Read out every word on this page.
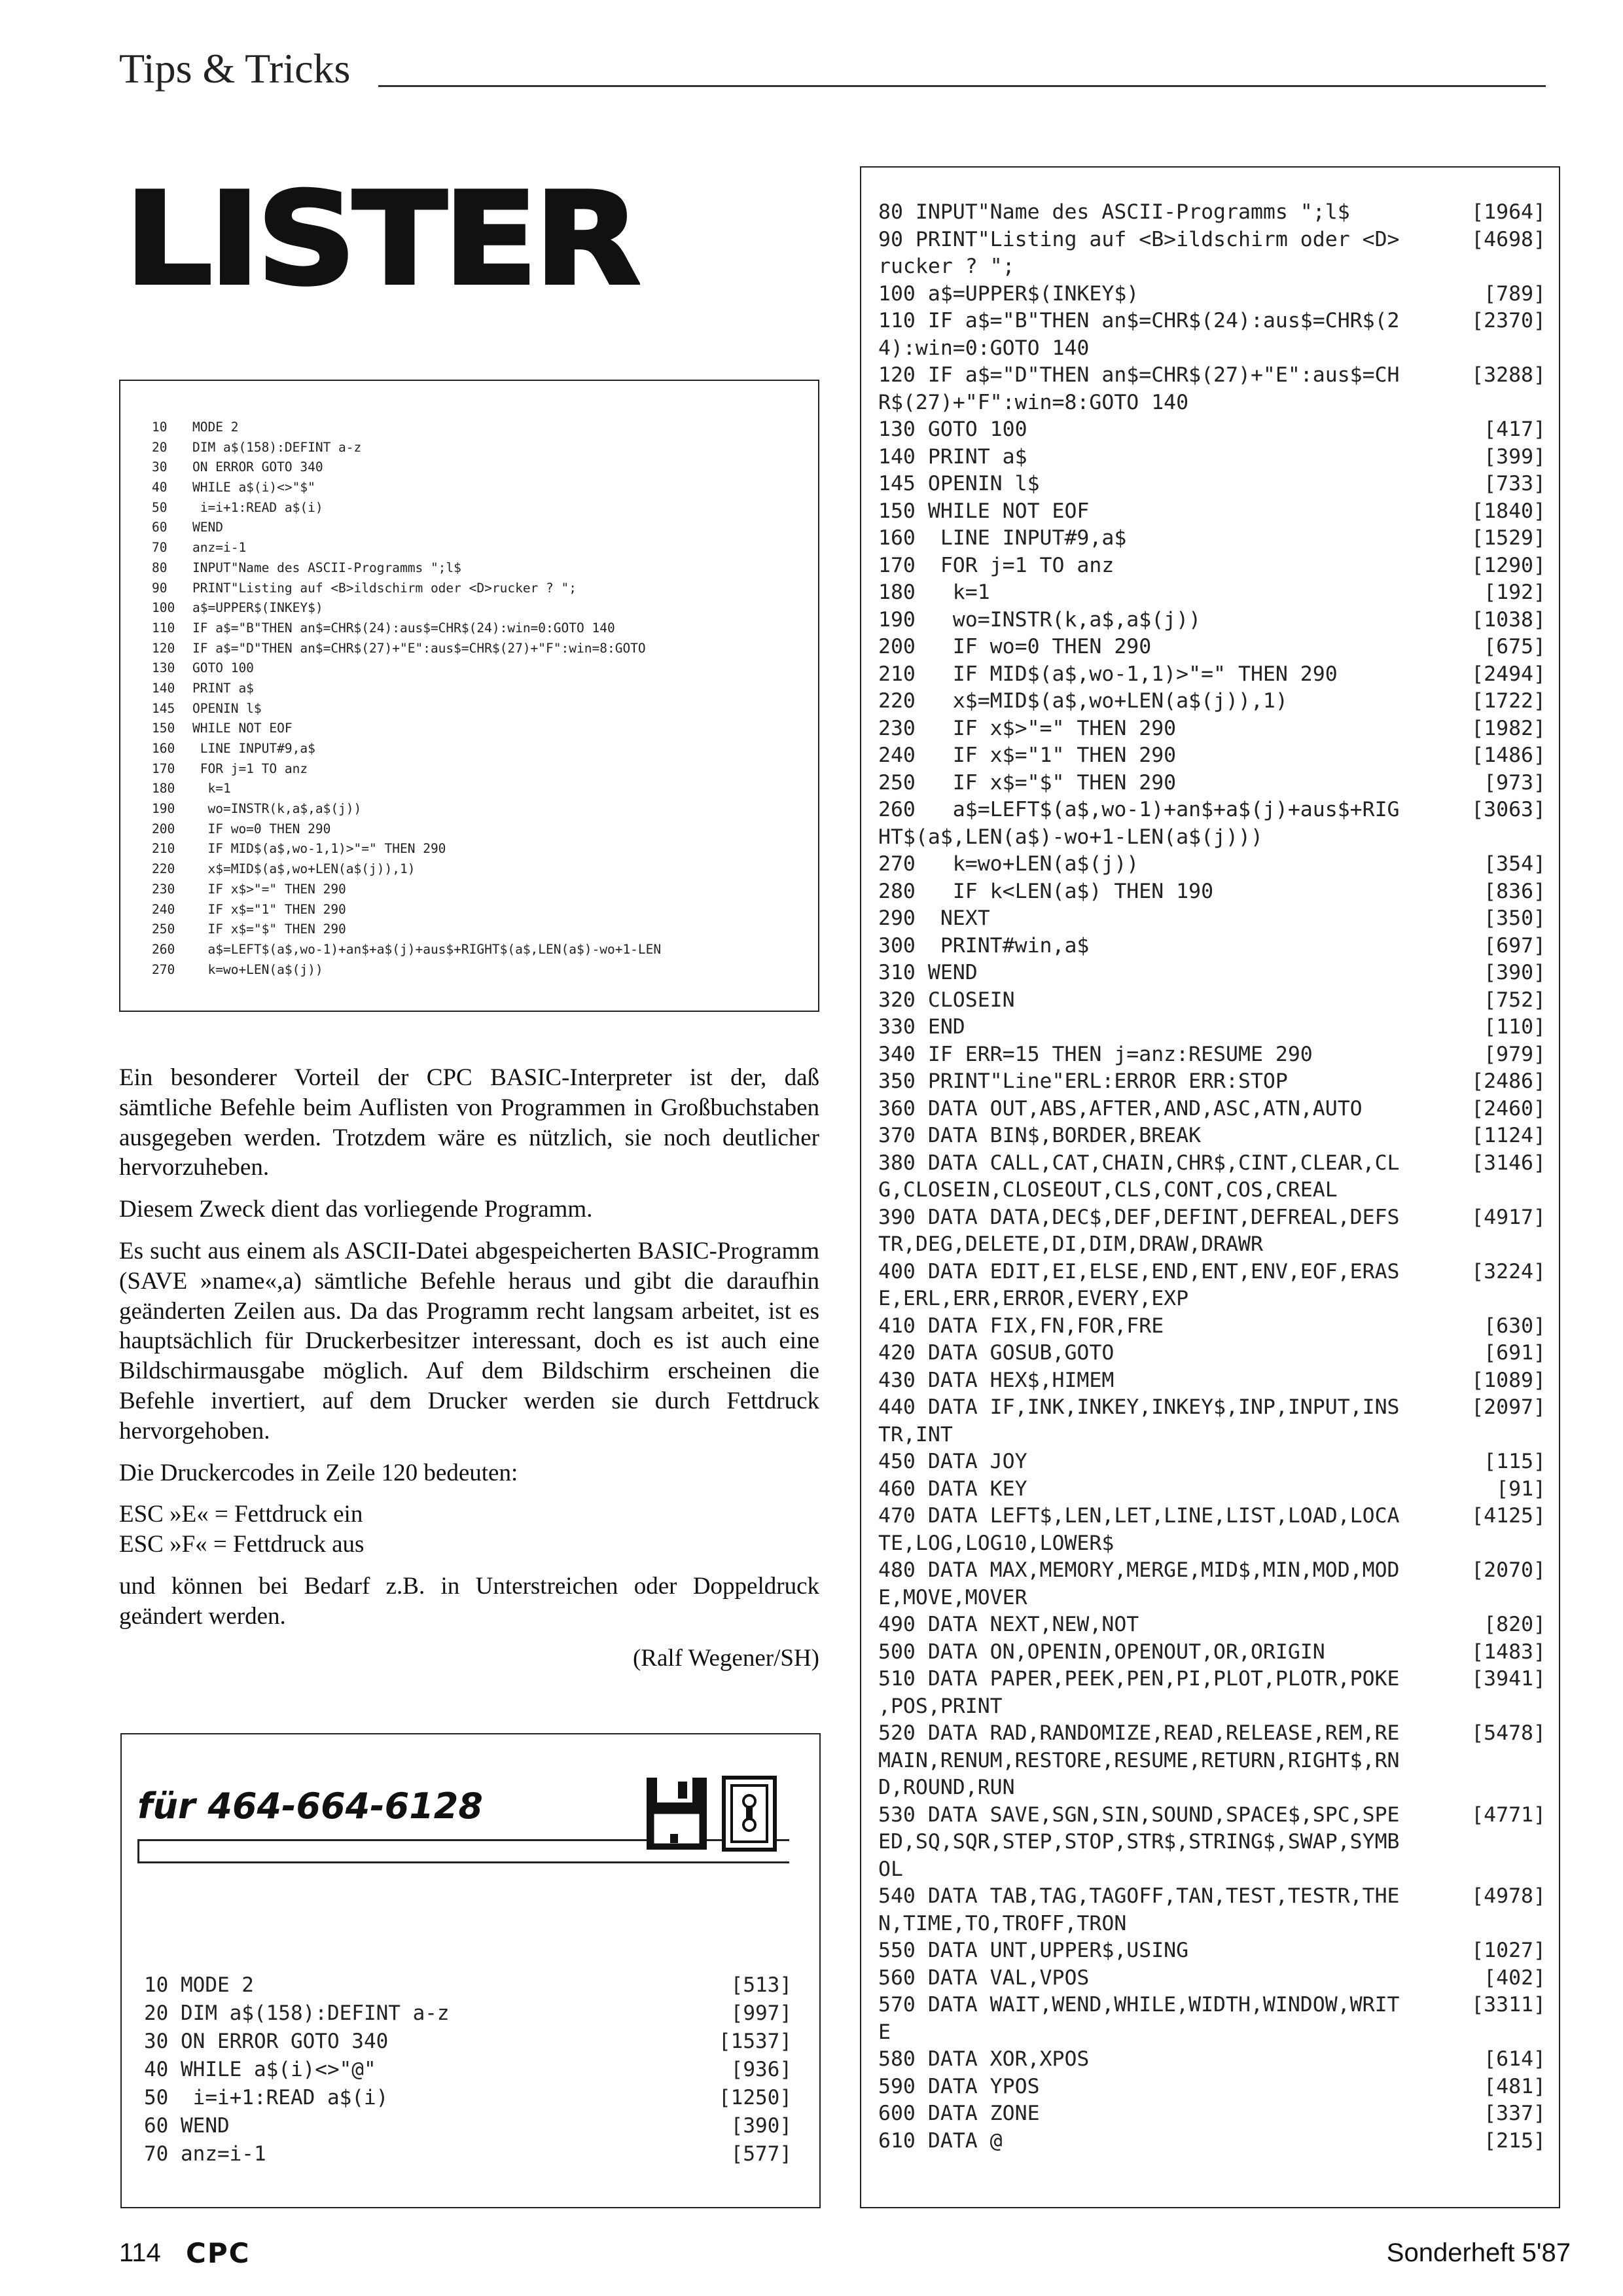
Tips & Tricks
LISTER
10 MODE 2
20 DIM a$(158):DEFINT a-z
30 ON ERROR GOTO 340
40 WHILE a$(i)<>"$"
50 i=i+1:READ a$(i)
60 WEND
70 anz=i-1
80 INPUT"Name des ASCII-Programms ";l$
90 PRINT"Listing auf <B>ildschirm oder <D>rucker ? ";
100 a$=UPPER$(INKEY$)
110 IF a$="B"THEN an$=CHR$(24):aus$=CHR$(24):win=0:GOTO 140
120 IF a$="D"THEN an$=CHR$(27)+"E":aus$=CHR$(27)+"F":win=8:GOTO
130 GOTO 100
140 PRINT a$
145 OPENIN l$
150 WHILE NOT EOF
160 LINE INPUT#9,a$
170 FOR j=1 TO anz
180  k=1
190  wo=INSTR(k,a$,a$(j))
200  IF wo=0 THEN 290
210  IF MID$(a$,wo-1,1)>"=" THEN 290
220  x$=MID$(a$,wo+LEN(a$(j)),1)
230  IF x$>"=" THEN 290
240  IF x$="1" THEN 290
250  IF x$="$" THEN 290
260  a$=LEFT$(a$,wo-1)+an$+a$(j)+aus$+RIGHT$(a$,LEN(a$)-wo+1-LEN
270  k=wo+LEN(a$(j))

Ein besonderer Vorteil der CPC BASIC-Interpreter ist der, daß sämtliche Befehle beim Auflisten von Programmen in Großbuchstaben ausgegeben werden. Trotzdem wäre es nützlich, sie noch deutlicher hervorzuheben.

Diesem Zweck dient das vorliegende Programm.

Es sucht aus einem als ASCII-Datei abgespeicherten BASIC-Programm (SAVE »name«,a) sämtliche Befehle heraus und gibt die daraufhin geänderten Zeilen aus. Da das Programm recht langsam arbeitet, ist es hauptsächlich für Druckerbesitzer interessant, doch es ist auch eine Bildschirmausgabe möglich. Auf dem Bildschirm erscheinen die Befehle invertiert, auf dem Drucker werden sie durch Fettdruck hervorgehoben.

Die Druckercodes in Zeile 120 bedeuten:

ESC »E« = Fettdruck ein
ESC »F« = Fettdruck aus

und können bei Bedarf z.B. in Unterstreichen oder Doppeldruck geändert werden.

(Ralf Wegener/SH)
für 464-664-6128
10 MODE 2	[513]
20 DIM a$(158):DEFINT a-z	[997]
30 ON ERROR GOTO 340	[1537]
40 WHILE a$(i)<>"@"	[936]
50  i=i+1:READ a$(i)	[1250]
60 WEND	[390]
70 anz=i-1	[577]
80 INPUT"Name des ASCII-Programms ";l$	[1964]
90 PRINT"Listing auf <B>ildschirm oder <D>	[4698]
rucker ? ";
100 a$=UPPER$(INKEY$)	[789]
110 IF a$="B"THEN an$=CHR$(24):aus$=CHR$(2	[2370]
4):win=0:GOTO 140
120 IF a$="D"THEN an$=CHR$(27)+"E":aus$=CH	[3288]
R$(27)+"F":win=8:GOTO 140
130 GOTO 100	[417]
140 PRINT a$	[399]
145 OPENIN l$	[733]
150 WHILE NOT EOF	[1840]
160  LINE INPUT#9,a$	[1529]
170  FOR j=1 TO anz	[1290]
180   k=1	[192]
190   wo=INSTR(k,a$,a$(j))	[1038]
200   IF wo=0 THEN 290	[675]
210   IF MID$(a$,wo-1,1)>"=" THEN 290	[2494]
220   x$=MID$(a$,wo+LEN(a$(j)),1)	[1722]
230   IF x$>"=" THEN 290	[1982]
240   IF x$="1" THEN 290	[1486]
250   IF x$="$" THEN 290	[973]
260   a$=LEFT$(a$,wo-1)+an$+a$(j)+aus$+RIG	[3063]
HT$(a$,LEN(a$)-wo+1-LEN(a$(j)))
270   k=wo+LEN(a$(j))	[354]
280   IF k<LEN(a$) THEN 190	[836]
290  NEXT	[350]
300  PRINT#win,a$	[697]
310 WEND	[390]
320 CLOSEIN	[752]
330 END	[110]
340 IF ERR=15 THEN j=anz:RESUME 290	[979]
350 PRINT"Line"ERL:ERROR ERR:STOP	[2486]
360 DATA OUT,ABS,AFTER,AND,ASC,ATN,AUTO	[2460]
370 DATA BIN$,BORDER,BREAK	[1124]
380 DATA CALL,CAT,CHAIN,CHR$,CINT,CLEAR,CL	[3146]
G,CLOSEIN,CLOSEOUT,CLS,CONT,COS,CREAL
390 DATA DATA,DEC$,DEF,DEFINT,DEFREAL,DEFS	[4917]
TR,DEG,DELETE,DI,DIM,DRAW,DRAWR
400 DATA EDIT,EI,ELSE,END,ENT,ENV,EOF,ERAS	[3224]
E,ERL,ERR,ERROR,EVERY,EXP
410 DATA FIX,FN,FOR,FRE	[630]
420 DATA GOSUB,GOTO	[691]
430 DATA HEX$,HIMEM	[1089]
440 DATA IF,INK,INKEY,INKEY$,INP,INPUT,INS	[2097]
TR,INT
450 DATA JOY	[115]
460 DATA KEY	[91]
470 DATA LEFT$,LEN,LET,LINE,LIST,LOAD,LOCA	[4125]
TE,LOG,LOG10,LOWER$
480 DATA MAX,MEMORY,MERGE,MID$,MIN,MOD,MOD	[2070]
E,MOVE,MOVER
490 DATA NEXT,NEW,NOT	[820]
500 DATA ON,OPENIN,OPENOUT,OR,ORIGIN	[1483]
510 DATA PAPER,PEEK,PEN,PI,PLOT,PLOTR,POKE	[3941]
,POS,PRINT
520 DATA RAD,RANDOMIZE,READ,RELEASE,REM,RE	[5478]
MAIN,RENUM,RESTORE,RESUME,RETURN,RIGHT$,RN
D,ROUND,RUN
530 DATA SAVE,SGN,SIN,SOUND,SPACE$,SPC,SPE	[4771]
ED,SQ,SQR,STEP,STOP,STR$,STRING$,SWAP,SYMB
OL
540 DATA TAB,TAG,TAGOFF,TAN,TEST,TESTR,THE	[4978]
N,TIME,TO,TROFF,TRON
550 DATA UNT,UPPER$,USING	[1027]
560 DATA VAL,VPOS	[402]
570 DATA WAIT,WEND,WHILE,WIDTH,WINDOW,WRIT	[3311]
E
580 DATA XOR,XPOS	[614]
590 DATA YPOS	[481]
600 DATA ZONE	[337]
610 DATA @	[215]
114 CPC	Sonderheft 5'87
